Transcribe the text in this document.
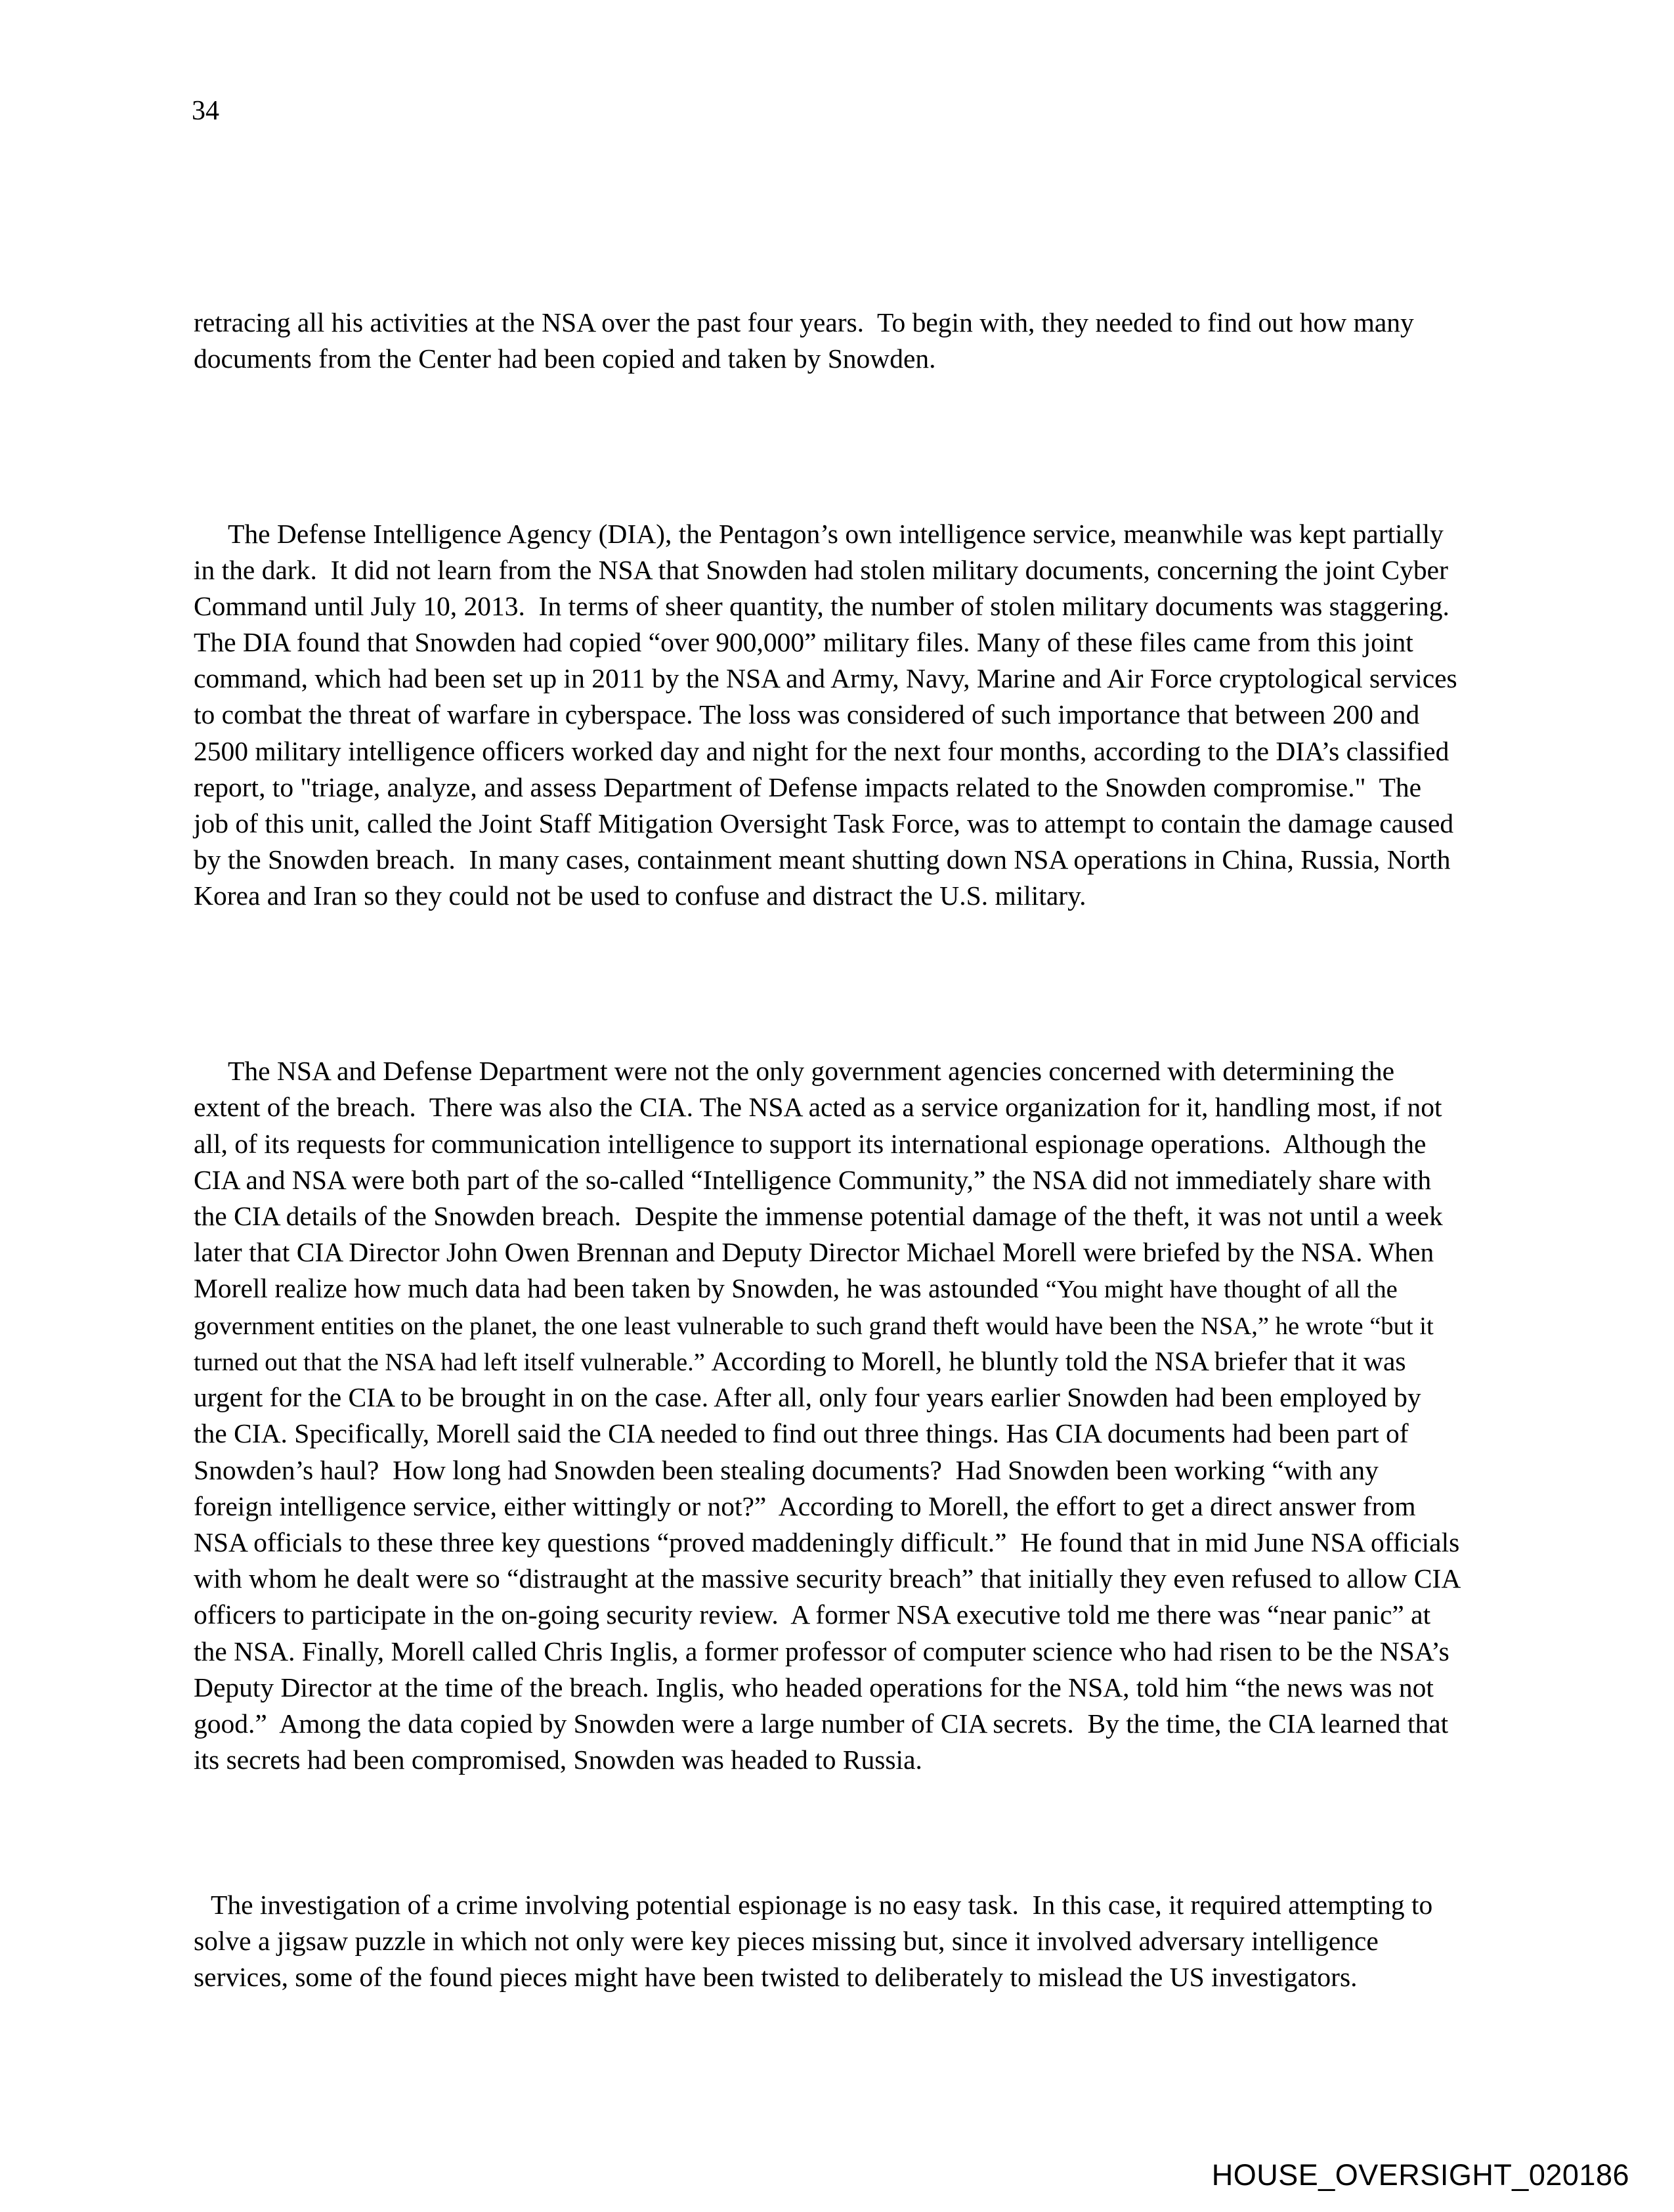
34

retracing all his activities at the NSA over the past four years.  To begin with, they needed to find out how many documents from the Center had been copied and taken by Snowden.

The Defense Intelligence Agency (DIA), the Pentagon’s own intelligence service, meanwhile was kept partially in the dark.  It did not learn from the NSA that Snowden had stolen military documents, concerning the joint Cyber Command until July 10, 2013.  In terms of sheer quantity, the number of stolen military documents was staggering.  The DIA found that Snowden had copied “over 900,000” military files. Many of these files came from this joint command, which had been set up in 2011 by the NSA and Army, Navy, Marine and Air Force cryptological services to combat the threat of warfare in cyberspace. The loss was considered of such importance that between 200 and 2500 military intelligence officers worked day and night for the next four months, according to the DIA’s classified report, to "triage, analyze, and assess Department of Defense impacts related to the Snowden compromise."  The job of this unit, called the Joint Staff Mitigation Oversight Task Force, was to attempt to contain the damage caused by the Snowden breach.  In many cases, containment meant shutting down NSA operations in China, Russia, North Korea and Iran so they could not be used to confuse and distract the U.S. military.

The NSA and Defense Department were not the only government agencies concerned with determining the extent of the breach.  There was also the CIA. The NSA acted as a service organization for it, handling most, if not all, of its requests for communication intelligence to support its international espionage operations.  Although the CIA and NSA were both part of the so-called “Intelligence Community,” the NSA did not immediately share with the CIA details of the Snowden breach.  Despite the immense potential damage of the theft, it was not until a week later that CIA Director John Owen Brennan and Deputy Director Michael Morell were briefed by the NSA. When Morell realize how much data had been taken by Snowden, he was astounded “You might have thought of all the government entities on the planet, the one least vulnerable to such grand theft would have been the NSA,” he wrote “but it turned out that the NSA had left itself vulnerable.” According to Morell, he bluntly told the NSA briefer that it was urgent for the CIA to be brought in on the case. After all, only four years earlier Snowden had been employed by the CIA. Specifically, Morell said the CIA needed to find out three things. Has CIA documents had been part of Snowden’s haul?  How long had Snowden been stealing documents?  Had Snowden been working “with any foreign intelligence service, either wittingly or not?”  According to Morell, the effort to get a direct answer from NSA officials to these three key questions “proved maddeningly difficult.”  He found that in mid June NSA officials with whom he dealt were so “distraught at the massive security breach” that initially they even refused to allow CIA officers to participate in the on-going security review.  A former NSA executive told me there was “near panic” at the NSA. Finally, Morell called Chris Inglis, a former professor of computer science who had risen to be the NSA’s Deputy Director at the time of the breach. Inglis, who headed operations for the NSA, told him “the news was not good.”  Among the data copied by Snowden were a large number of CIA secrets.  By the time, the CIA learned that its secrets had been compromised, Snowden was headed to Russia.

The investigation of a crime involving potential espionage is no easy task.  In this case, it required attempting to solve a jigsaw puzzle in which not only were key pieces missing but, since it involved adversary intelligence services, some of the found pieces might have been twisted to deliberately to mislead the US investigators.

HOUSE_OVERSIGHT_020186
